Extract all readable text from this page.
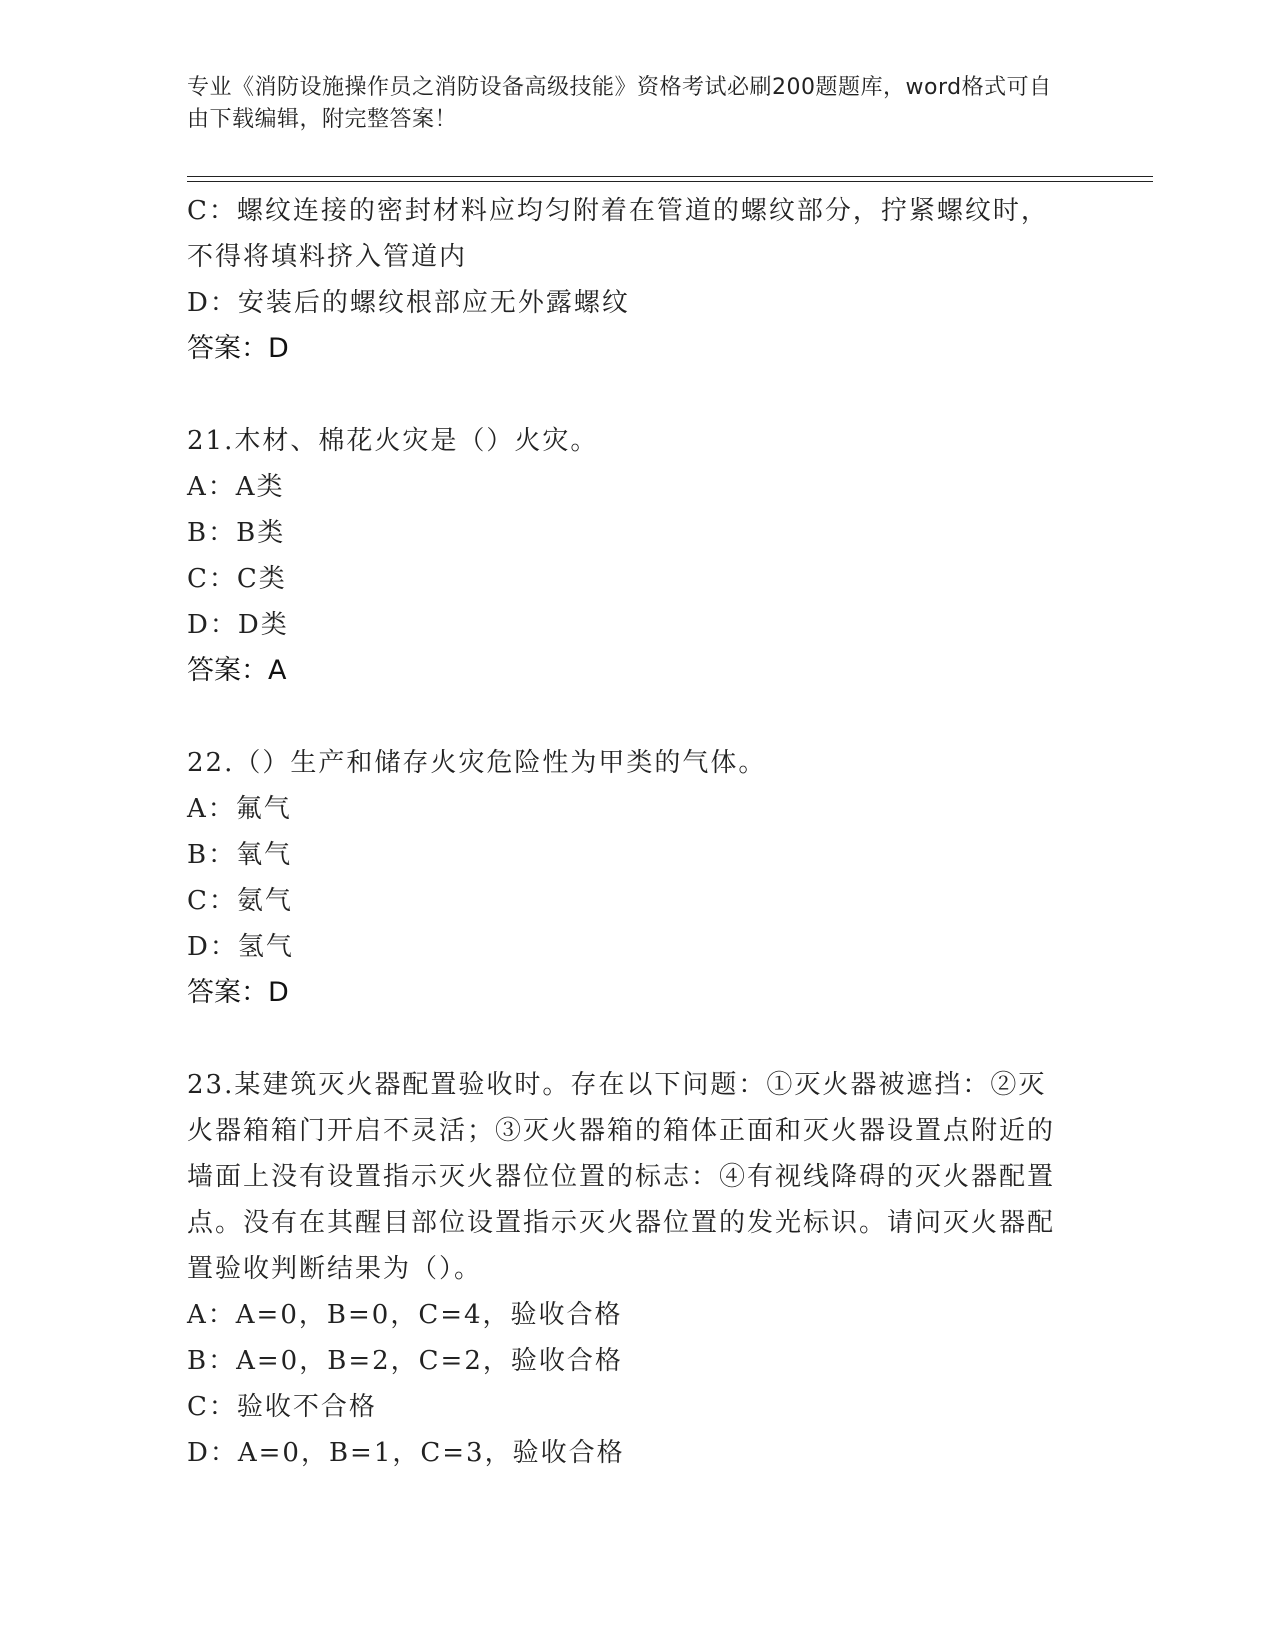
专业《消防设施操作员之消防设备高级技能》资格考试必刷200题题库，word格式可自由下载编辑，附完整答案！
C：螺纹连接的密封材料应均匀附着在管道的螺纹部分，拧紧螺纹时，不得将填料挤入管道内
D：安装后的螺纹根部应无外露螺纹
答案：D
21.木材、棉花火灾是（）火灾。
A：A类
B：B类
C：C类
D：D类
答案：A
22.（）生产和储存火灾危险性为甲类的气体。
A：氟气
B：氧气
C：氨气
D：氢气
答案：D
23.某建筑灭火器配置验收时。存在以下问题：①灭火器被遮挡：②灭火器箱箱门开启不灵活；③灭火器箱的箱体正面和灭火器设置点附近的墙面上没有设置指示灭火器位位置的标志：④有视线降碍的灭火器配置点。没有在其醒目部位设置指示灭火器位置的发光标识。请问灭火器配置验收判断结果为（）。
A：A=0，B=0，C=4，验收合格
B：A=0，B=2，C=2，验收合格
C：验收不合格
D：A=0，B=1，C=3，验收合格
